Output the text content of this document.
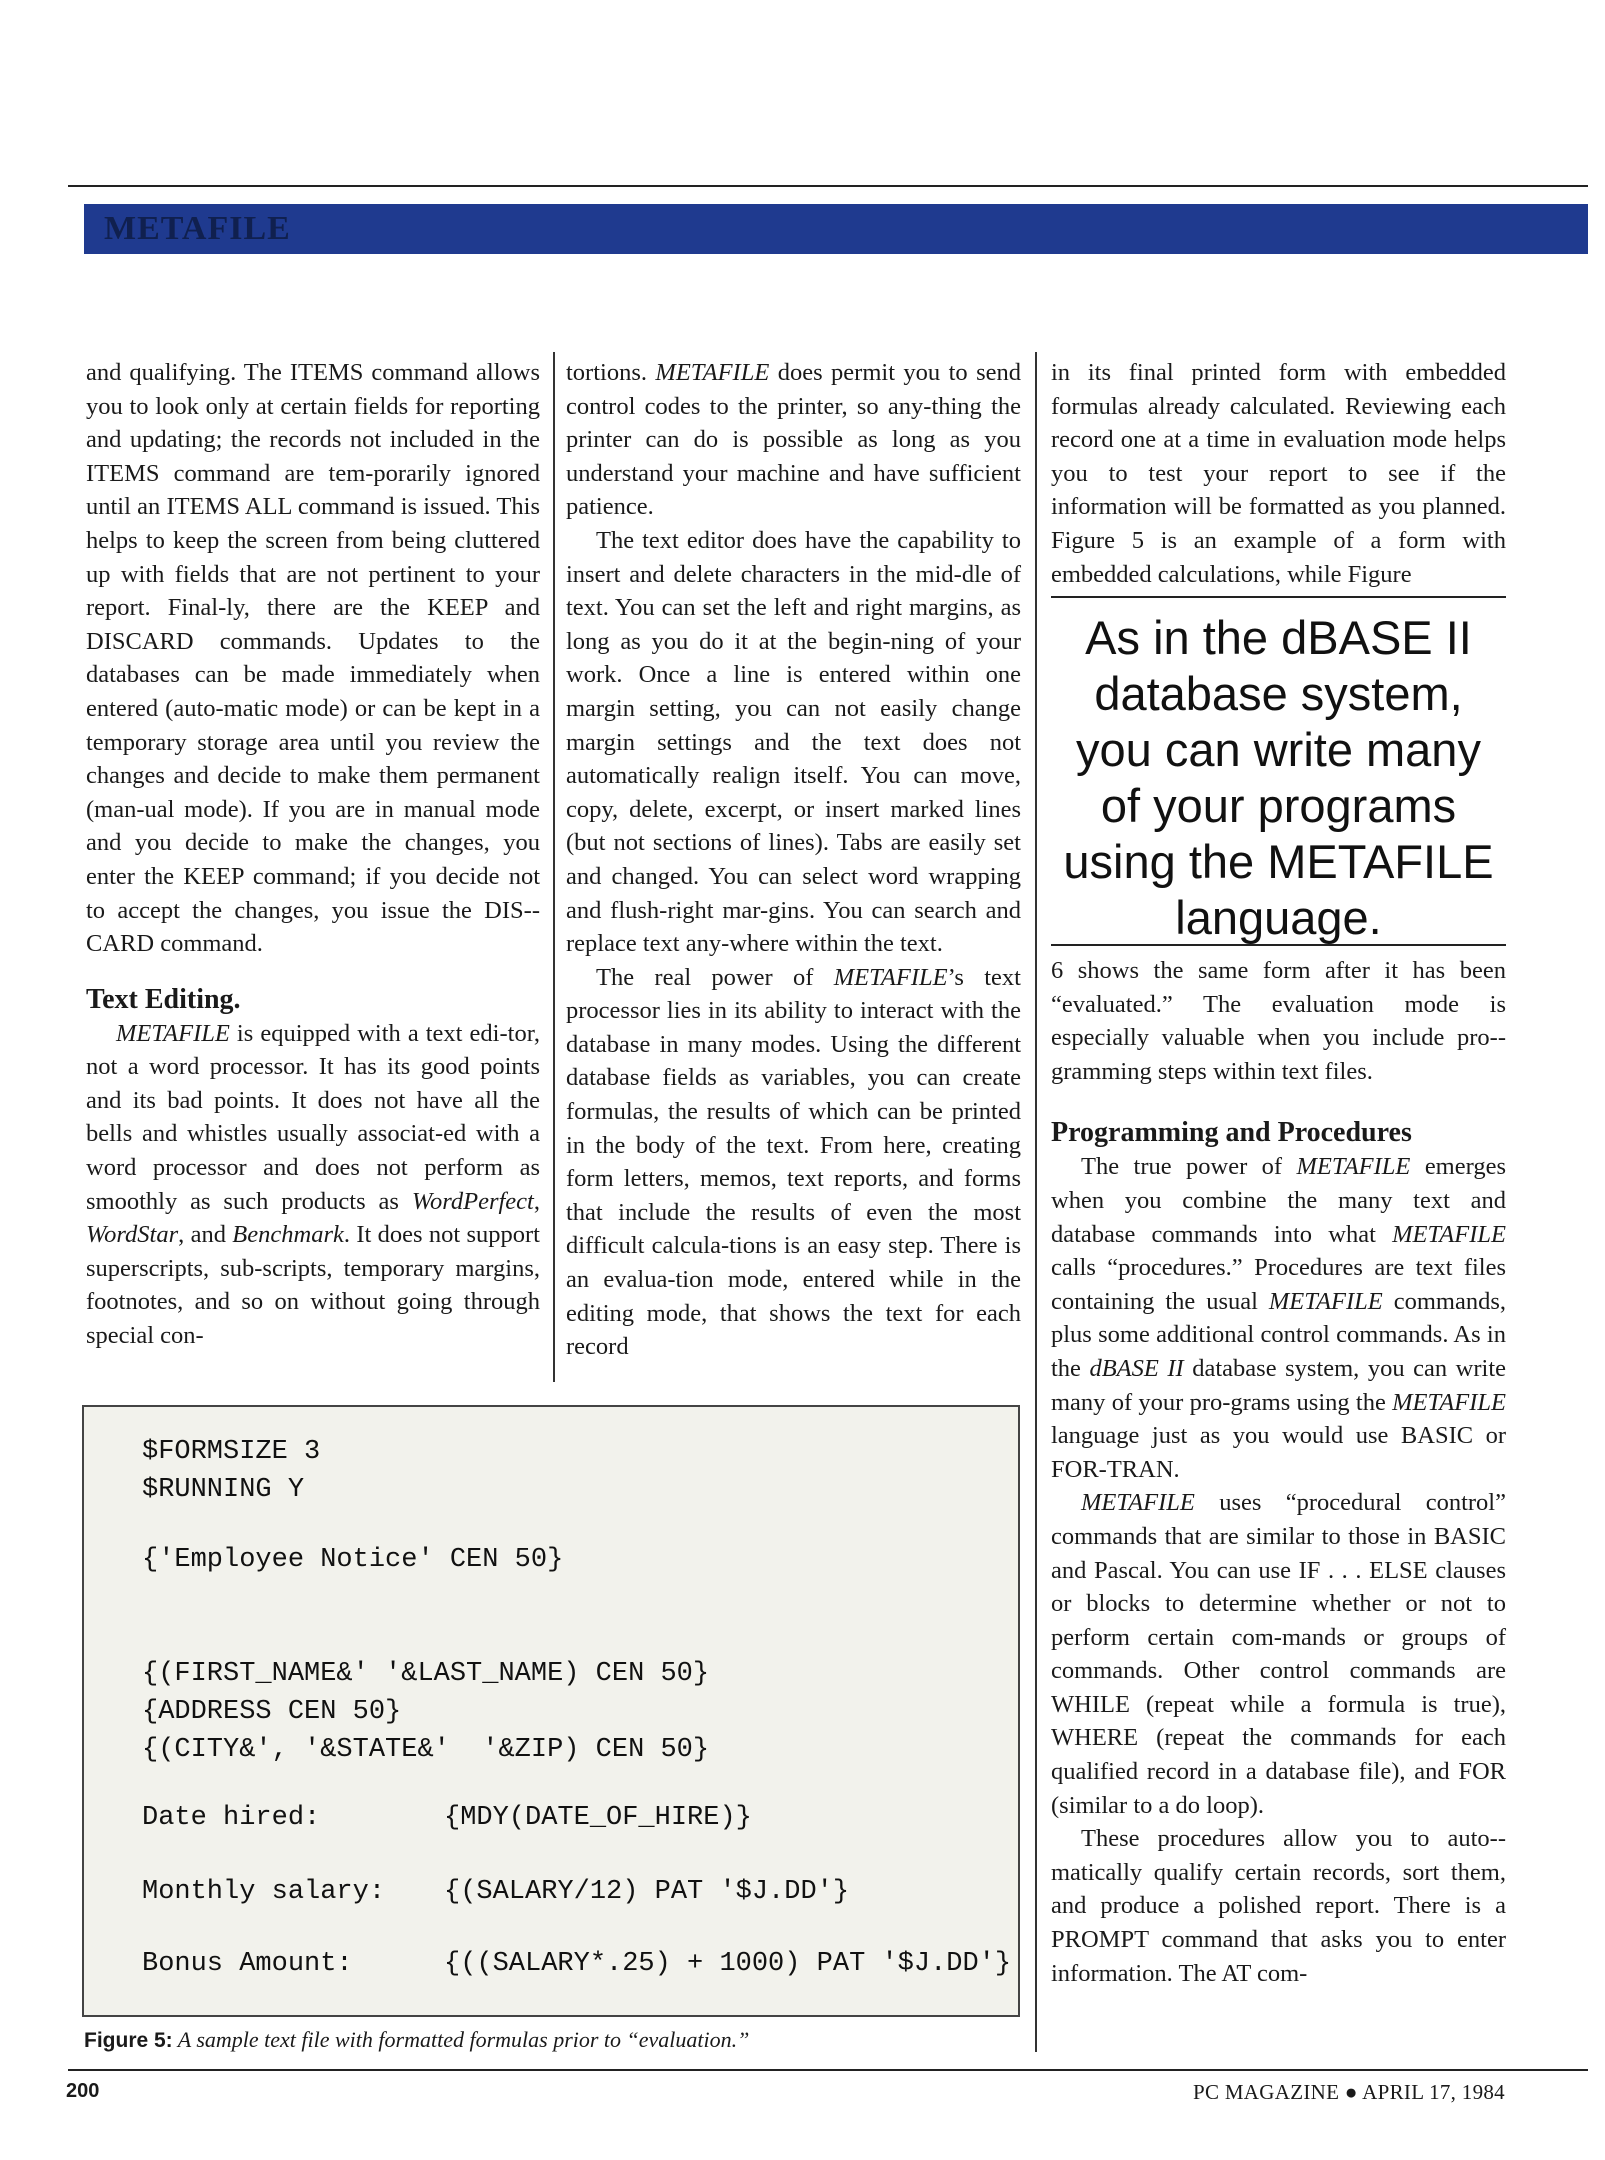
METAFILE

and qualifying. The ITEMS command allows you to look only at certain fields for reporting and updating; the records not included in the ITEMS command are tem-porarily ignored until an ITEMS ALL command is issued. This helps to keep the screen from being cluttered up with fields that are not pertinent to your report. Final-ly, there are the KEEP and DISCARD commands. Updates to the databases can be made immediately when entered (auto-matic mode) or can be kept in a temporary storage area until you review the changes and decide to make them permanent (man-ual mode). If you are in manual mode and you decide to make the changes, you enter the KEEP command; if you decide not to accept the changes, you issue the DIS-CARD command.

Text Editing.

METAFILE is equipped with a text edi-tor, not a word processor. It has its good points and its bad points. It does not have all the bells and whistles usually associat-ed with a word processor and does not perform as smoothly as such products as WordPerfect, WordStar, and Benchmark. It does not support superscripts, sub-scripts, temporary margins, footnotes, and so on without going through special con-

tortions. METAFILE does permit you to send control codes to the printer, so any-thing the printer can do is possible as long as you understand your machine and have sufficient patience.

The text editor does have the capability to insert and delete characters in the mid-dle of text. You can set the left and right margins, as long as you do it at the begin-ning of your work. Once a line is entered within one margin setting, you can not easily change margin settings and the text does not automatically realign itself. You can move, copy, delete, excerpt, or insert marked lines (but not sections of lines). Tabs are easily set and changed. You can select word wrapping and flush-right mar-gins. You can search and replace text any-where within the text.

The real power of METAFILE’s text processor lies in its ability to interact with the database in many modes. Using the different database fields as variables, you can create formulas, the results of which can be printed in the body of the text. From here, creating form letters, memos, text reports, and forms that include the results of even the most difficult calcula-tions is an easy step. There is an evalua-tion mode, entered while in the editing mode, that shows the text for each record

in its final printed form with embedded formulas already calculated. Reviewing each record one at a time in evaluation mode helps you to test your report to see if the information will be formatted as you planned. Figure 5 is an example of a form with embedded calculations, while Figure

As in the dBASE II database system, you can write many of your programs using the METAFILE language.

6 shows the same form after it has been “evaluated.” The evaluation mode is especially valuable when you include pro-gramming steps within text files.

Programming and Procedures

The true power of METAFILE emerges when you combine the many text and database commands into what METAFILE calls “procedures.” Procedures are text files containing the usual METAFILE commands, plus some additional control commands. As in the dBASE II database system, you can write many of your pro-grams using the METAFILE language just as you would use BASIC or FOR-TRAN.

METAFILE uses “procedural control” commands that are similar to those in BASIC and Pascal. You can use IF . . . ELSE clauses or blocks to determine whether or not to perform certain com-mands or groups of commands. Other control commands are WHILE (repeat while a formula is true), WHERE (repeat the commands for each qualified record in a database file), and FOR (similar to a do loop).

These procedures allow you to auto-matically qualify certain records, sort them, and produce a polished report. There is a PROMPT command that asks you to enter information. The AT com-

$FORMSIZE 3
$RUNNING Y
{'Employee Notice' CEN 50}
{(FIRST_NAME&' '&LAST_NAME) CEN 50}
{ADDRESS CEN 50}
{(CITY&', '&STATE&'  '&ZIP) CEN 50}
Date hired:	{MDY(DATE_OF_HIRE)}
Monthly salary: {(SALARY/12) PAT '$J.DD'}
Bonus Amount:	{((SALARY*.25) + 1000) PAT '$J.DD'}
Figure 5: A sample text file with formatted formulas prior to “evaluation.”
200	PC MAGAZINE ● APRIL 17, 1984
